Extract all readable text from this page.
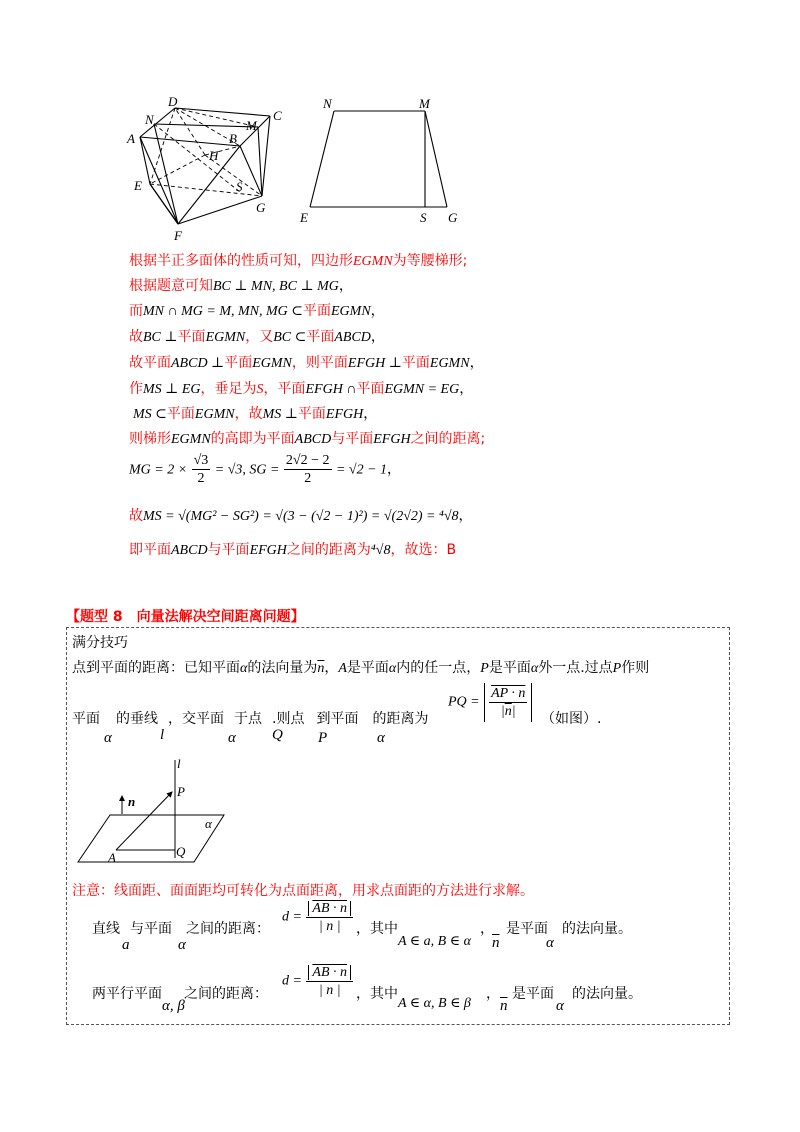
D
C
N	M
A	B
H
E	S
G
F
N	M
E	S G
根据半正多面体的性质可知，四边形EGMN为等腰梯形;
根据题意可知BC ⊥ MN, BC ⊥ MG，
而MN ∩ MG = M, MN, MG ⊂平面EGMN，
故BC ⊥平面EGMN，又BC ⊂平面ABCD，
故平面ABCD ⊥平面EGMN，则平面EFGH ⊥平面EGMN，
作MS ⊥ EG，垂足为S，平面EFGH ∩平面EGMN = EG，
MS ⊂平面EGMN，故MS ⊥平面EFGH，
则梯形EGMN的高即为平面ABCD与平面EFGH之间的距离;
MG = $2 \times \frac{√3}{2} = √3$, SG = $\frac{2√2 - 2}{2} = √2 - 1$，
故MS = √(MG² − SG²) = √(3 − (√2 − 1)²) = √(2√2) = ⁴√8，
即平面ABCD与平面EFGH之间的距离为⁴√8，故选：B
【题型 8　向量法解决空间距离问题】
满分技巧
点到平面的距离：已知平面α的法向量为$\overline{n}$，A是平面α内的任一点，P是平面α外一点.过点P作则
平面 的垂线 ，交平面 于点 .则点 到平面 的距离为
PQ = $\frac{AP \cdot n}{|\overline{n}|}$ （如图）.
α	l	α Q P	α
l
P
n
α
A	Q
注意：线面距、面面距均可转化为点面距离，用求点面距的方法进行求解。
直线 与平面 之间的距离：
a	α
$d = \frac{AB \cdot n}{| n |}$ ，其中
A ∈ a, B ∈ α
，
$\overline{n}$
是平面
α
的法向量。
两平行平面 之间的距离：
α, β
$d = \frac{AB \cdot n}{| n |}$ ，其中
A ∈ α, B ∈ β
，
$\overline{n}$
是平面
α
的法向量。
